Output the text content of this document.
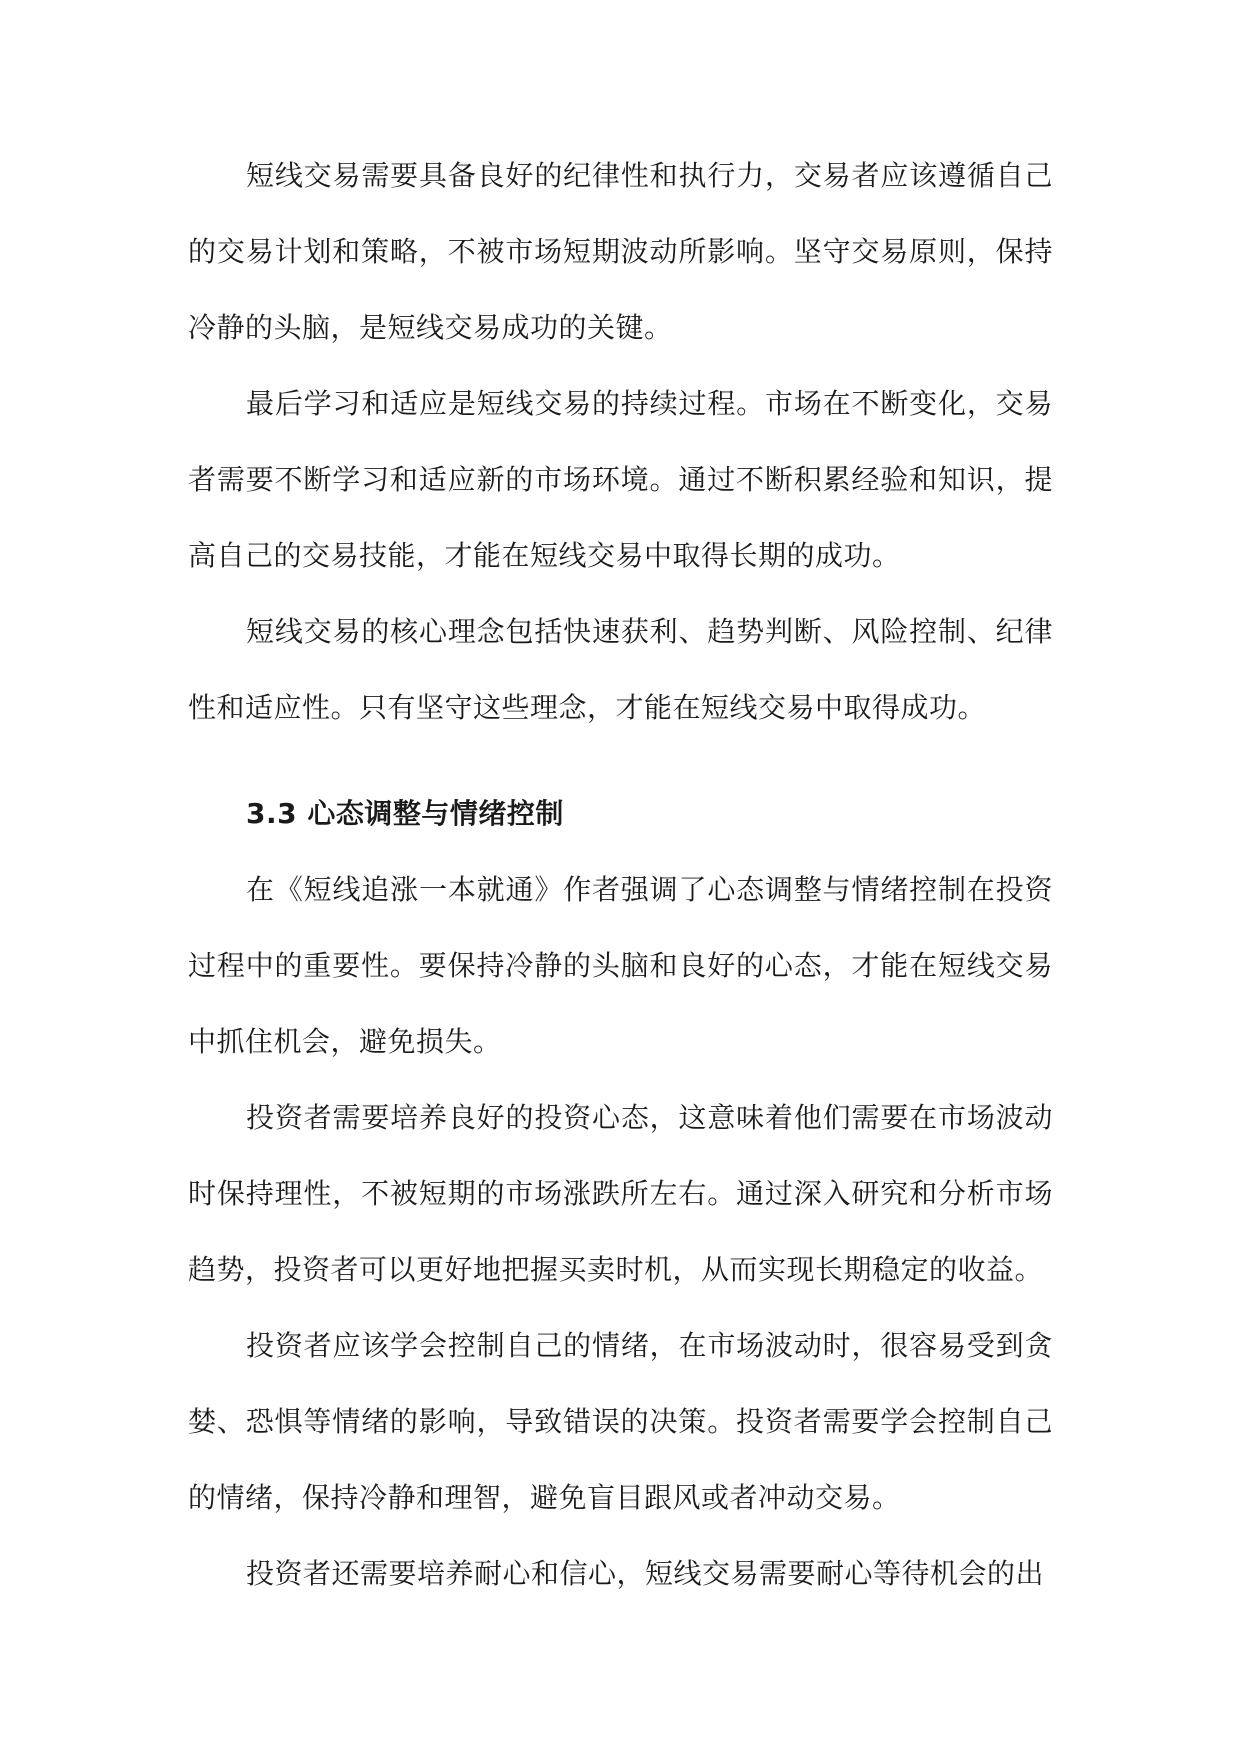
短线交易需要具备良好的纪律性和执行力，交易者应该遵循自己的交易计划和策略，不被市场短期波动所影响。坚守交易原则，保持冷静的头脑，是短线交易成功的关键。

最后学习和适应是短线交易的持续过程。市场在不断变化，交易者需要不断学习和适应新的市场环境。通过不断积累经验和知识，提高自己的交易技能，才能在短线交易中取得长期的成功。

短线交易的核心理念包括快速获利、趋势判断、风险控制、纪律性和适应性。只有坚守这些理念，才能在短线交易中取得成功。

3.3 心态调整与情绪控制

在《短线追涨一本就通》作者强调了心态调整与情绪控制在投资过程中的重要性。要保持冷静的头脑和良好的心态，才能在短线交易中抓住机会，避免损失。

投资者需要培养良好的投资心态，这意味着他们需要在市场波动时保持理性，不被短期的市场涨跌所左右。通过深入研究和分析市场趋势，投资者可以更好地把握买卖时机，从而实现长期稳定的收益。

投资者应该学会控制自己的情绪，在市场波动时，很容易受到贪婪、恐惧等情绪的影响，导致错误的决策。投资者需要学会控制自己的情绪，保持冷静和理智，避免盲目跟风或者冲动交易。

投资者还需要培养耐心和信心，短线交易需要耐心等待机会的出
